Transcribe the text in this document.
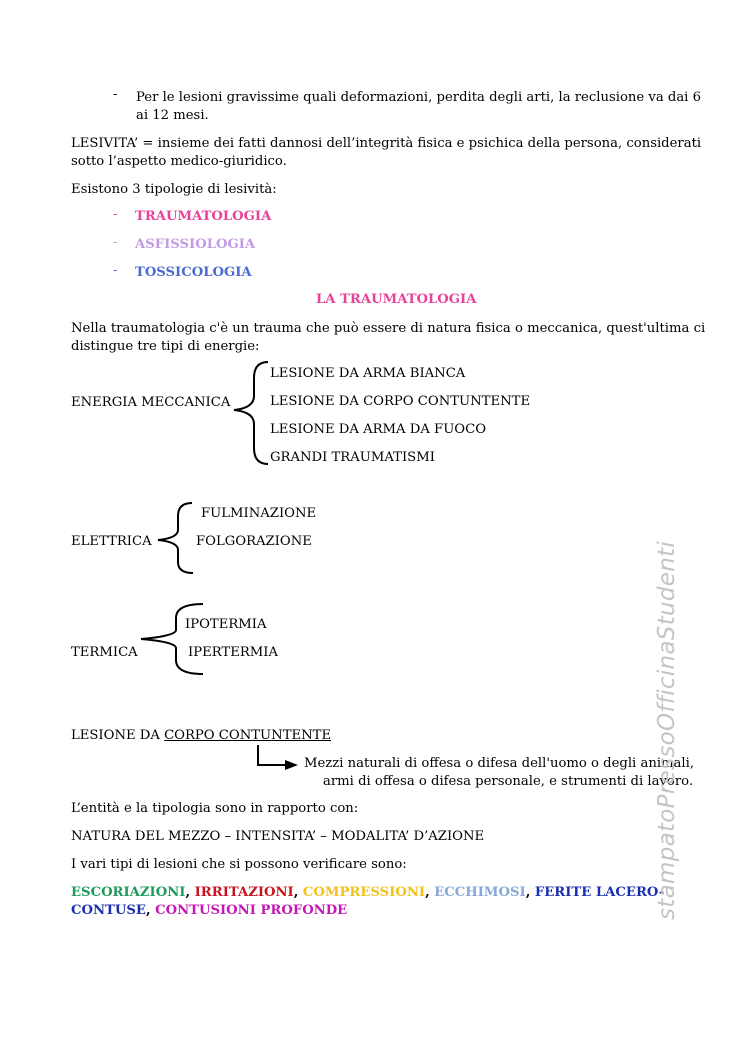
- Per le lesioni gravissime quali deformazioni, perdita degli arti, la reclusione va dai 6
ai 12 mesi.
LESIVITA’ = insieme dei fatti dannosi dell’integrità fisica e psichica della persona, considerati
sotto l’aspetto medico-giuridico.
Esistono 3 tipologie di lesività:
- TRAUMATOLOGIA
- ASFISSIOLOGIA
- TOSSICOLOGIA
LA TRAUMATOLOGIA
Nella traumatologia c'è un trauma che può essere di natura fisica o meccanica, quest'ultima ci
distingue tre tipi di energie:
ENERGIA MECCANICA
LESIONE DA ARMA BIANCA
LESIONE DA CORPO CONTUNTENTE
LESIONE DA ARMA DA FUOCO
GRANDI TRAUMATISMI
ELETTRICA
FULMINAZIONE
FOLGORAZIONE
TERMICA
IPOTERMIA
IPERTERMIA
LESIONE DA CORPO CONTUNTENTE
Mezzi naturali di offesa o difesa dell'uomo o degli animali,
armi di offesa o difesa personale, e strumenti di lavoro.
L’entità e la tipologia sono in rapporto con:
NATURA DEL MEZZO – INTENSITA’ – MODALITA’ D’AZIONE
I vari tipi di lesioni che si possono verificare sono:
ESCORIAZIONI, IRRITAZIONI, COMPRESSIONI, ECCHIMOSI, FERITE LACERO-
CONTUSE, CONTUSIONI PROFONDE	stampatoPressoOfficinaStudenti
